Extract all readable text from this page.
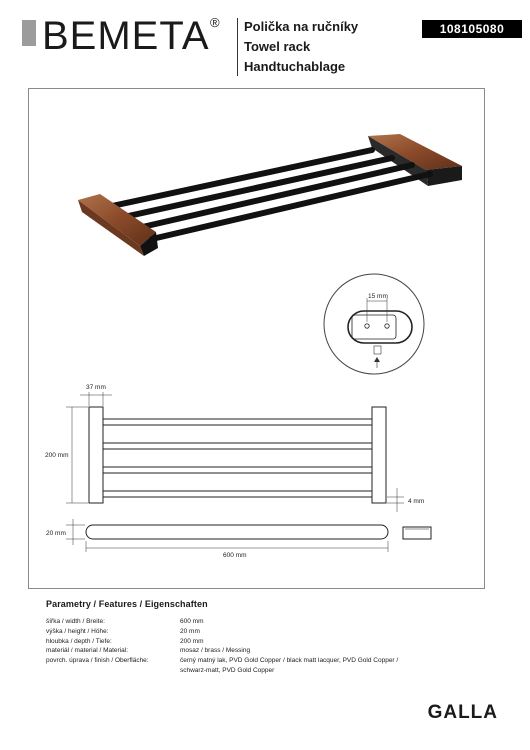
BEMETA ® Polička na ručníky
Towel rack
Handtuchablage
108105080
15 mm
37 mm
200 mm
4 mm
20 mm
600 mm
Parametry / Features / Eigenschaften
šířka / width / Breite:	600 mm
výška / height / Höhe:	20 mm
hloubka / depth / Tiefe:	200 mm
materiál / material / Material:	mosaz / brass / Messing
povrch. úprava / finish / Oberfläche:	černý matný lak, PVD Gold Copper / black matt lacquer, PVD Gold Copper /
schwarz-matt, PVD Gold Copper
GALLA
